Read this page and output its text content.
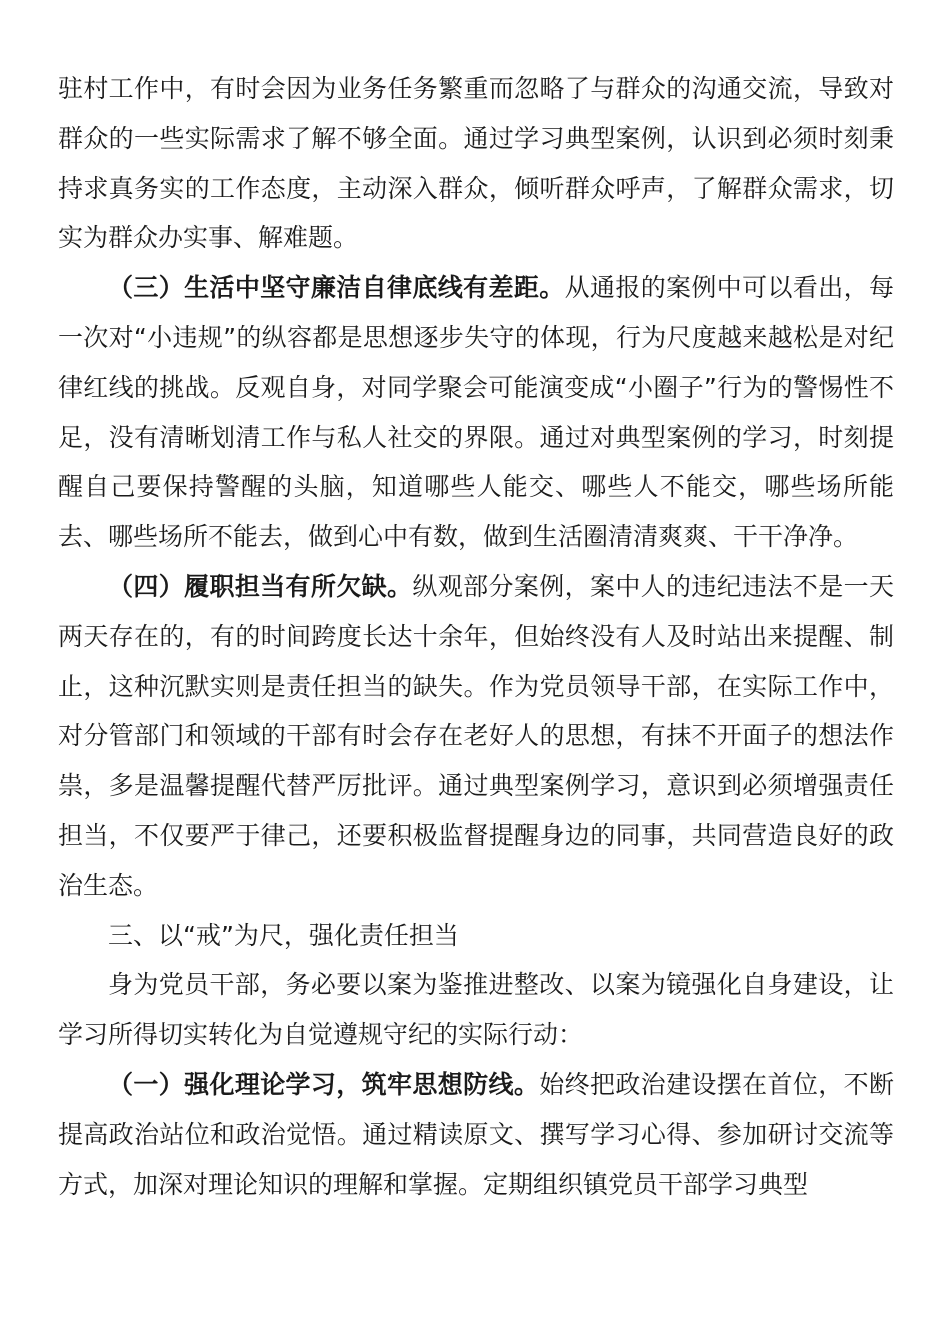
驻村工作中，有时会因为业务任务繁重而忽略了与群众的沟通交流，导致对群众的一些实际需求了解不够全面。通过学习典型案例，认识到必须时刻秉持求真务实的工作态度，主动深入群众，倾听群众呼声，了解群众需求，切实为群众办实事、解难题。

（三）生活中坚守廉洁自律底线有差距。从通报的案例中可以看出，每一次对“小违规”的纵容都是思想逐步失守的体现，行为尺度越来越松是对纪律红线的挑战。反观自身，对同学聚会可能演变成“小圈子”行为的警惕性不足，没有清晰划清工作与私人社交的界限。通过对典型案例的学习，时刻提醒自己要保持警醒的头脑，知道哪些人能交、哪些人不能交，哪些场所能去、哪些场所不能去，做到心中有数，做到生活圈清清爽爽、干干净净。

（四）履职担当有所欠缺。纵观部分案例，案中人的违纪违法不是一天两天存在的，有的时间跨度长达十余年，但始终没有人及时站出来提醒、制止，这种沉默实则是责任担当的缺失。作为党员领导干部，在实际工作中，对分管部门和领域的干部有时会存在老好人的思想，有抹不开面子的想法作祟，多是温馨提醒代替严厉批评。通过典型案例学习，意识到必须增强责任担当，不仅要严于律己，还要积极监督提醒身边的同事，共同营造良好的政治生态。

三、以“戒”为尺，强化责任担当

身为党员干部，务必要以案为鉴推进整改、以案为镜强化自身建设，让学习所得切实转化为自觉遵规守纪的实际行动：

（一）强化理论学习，筑牢思想防线。始终把政治建设摆在首位，不断提高政治站位和政治觉悟。通过精读原文、撰写学习心得、参加研讨交流等方式，加深对理论知识的理解和掌握。定期组织镇党员干部学习典型
